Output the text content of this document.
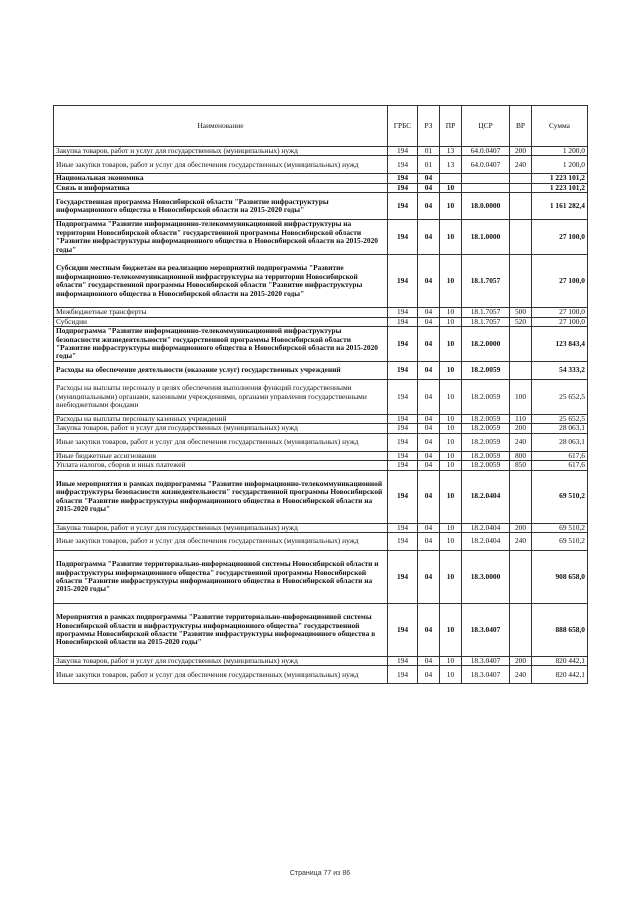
Наименование	ГРБС	РЗ	ПР	ЦСР	ВР	Сумма
Закупка товаров, работ и услуг для государственных (муниципальных) нужд	194	01	13	64.0.0407	200	1 200,0
Иные закупки товаров, работ и услуг для обеспечения государственных (муниципальных) нужд	194	01	13	64.0.0407	240	1 200,0
Национальная экономика	194	04				1 223 101,2
Связь и информатика	194	04	10			1 223 101,2
Государственная программа Новосибирской области "Развитие инфраструктуры информационного общества в Новосибирской области на 2015-2020 годы"	194	04	10	18.0.0000		1 161 282,4
Подпрограмма "Развитие информационно-телекоммуникационной инфраструктуры на территории Новосибирской области" государственной программы Новосибирской области "Развитие инфраструктуры информационного общества в Новосибирской области на 2015-2020 годы"	194	04	10	18.1.0000		27 100,0
Субсидии местным бюджетам на реализацию мероприятий подпрограммы "Развитие информационно-телекоммуникационной инфраструктуры на территории Новосибирской области" государственной программы Новосибирской области "Развитие инфраструктуры информационного общества в Новосибирской области на 2015-2020 годы"	194	04	10	18.1.7057		27 100,0
Межбюджетные трансферты	194	04	10	18.1.7057	500	27 100,0
Субсидии	194	04	10	18.1.7057	520	27 100,0
Подпрограмма "Развитие информационно-телекоммуникационной инфраструктуры безопасности жизнедеятельности" государственной программы Новосибирской области "Развитие инфраструктуры информационного общества в Новосибирской области на 2015-2020 годы"	194	04	10	18.2.0000		123 843,4
Расходы на обеспечение деятельности (оказание услуг) государственных учреждений	194	04	10	18.2.0059		54 333,2
Расходы на выплаты персоналу в целях обеспечения выполнения функций государственными (муниципальными) органами, казенными учреждениями, органами управления государственными внебюджетными фондами	194	04	10	18.2.0059	100	25 652,5
Расходы на выплаты персоналу казенных учреждений	194	04	10	18.2.0059	110	25 652,5
Закупка товаров, работ и услуг для государственных (муниципальных) нужд	194	04	10	18.2.0059	200	28 063,1
Иные закупки товаров, работ и услуг для обеспечения государственных (муниципальных) нужд	194	04	10	18.2.0059	240	28 063,1
Иные бюджетные ассигнования	194	04	10	18.2.0059	800	617,6
Уплата налогов, сборов и иных платежей	194	04	10	18.2.0059	850	617,6
Иные мероприятия в рамках подпрограммы "Развитие информационно-телекоммуникационной инфраструктуры безопасности жизнедеятельности" государственной программы Новосибирской области "Развитие инфраструктуры информационного общества в Новосибирской области на 2015-2020 годы"	194	04	10	18.2.0404		69 510,2
Закупка товаров, работ и услуг для государственных (муниципальных) нужд	194	04	10	18.2.0404	200	69 510,2
Иные закупки товаров, работ и услуг для обеспечения государственных (муниципальных) нужд	194	04	10	18.2.0404	240	69 510,2
Подпрограмма "Развитие территориально-информационной системы Новосибирской области и инфраструктуры информационного общества" государственной программы Новосибирской области "Развитие инфраструктуры информационного общества в Новосибирской области на 2015-2020 годы"	194	04	10	18.3.0000		908 658,0
Мероприятия в рамках подпрограммы "Развитие территориально-информационной системы Новосибирской области и инфраструктуры информационного общества" государственной программы Новосибирской области "Развитие инфраструктуры информационного общества в Новосибирской области на 2015-2020 годы"	194	04	10	18.3.0407		888 658,0
Закупка товаров, работ и услуг для государственных (муниципальных) нужд	194	04	10	18.3.0407	200	820 442,1
Иные закупки товаров, работ и услуг для обеспечения государственных (муниципальных) нужд	194	04	10	18.3.0407	240	820 442,1
Страница 77 из 86
